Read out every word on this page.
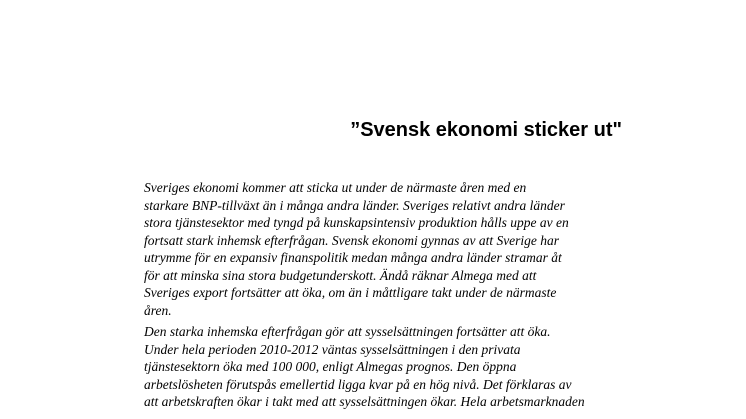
”Svensk ekonomi sticker ut"

Sveriges ekonomi kommer att sticka ut under de närmaste åren med en
starkare BNP-tillväxt än i många andra länder. Sveriges relativt andra länder
stora tjänstesektor med tyngd på kunskapsintensiv produktion hålls uppe av en
fortsatt stark inhemsk efterfrågan. Svensk ekonomi gynnas av att Sverige har
utrymme för en expansiv finanspolitik medan många andra länder stramar åt
för att minska sina stora budgetunderskott. Ändå räknar Almega med att
Sveriges export fortsätter att öka, om än i måttligare takt under de närmaste
åren.

Den starka inhemska efterfrågan gör att sysselsättningen fortsätter att öka.
Under hela perioden 2010-2012 väntas sysselsättningen i den privata
tjänstesektorn öka med 100 000, enligt Almegas prognos. Den öppna
arbetslösheten förutspås emellertid ligga kvar på en hög nivå. Det förklaras av
att arbetskraften ökar i takt med att sysselsättningen ökar. Hela arbetsmarknaden
